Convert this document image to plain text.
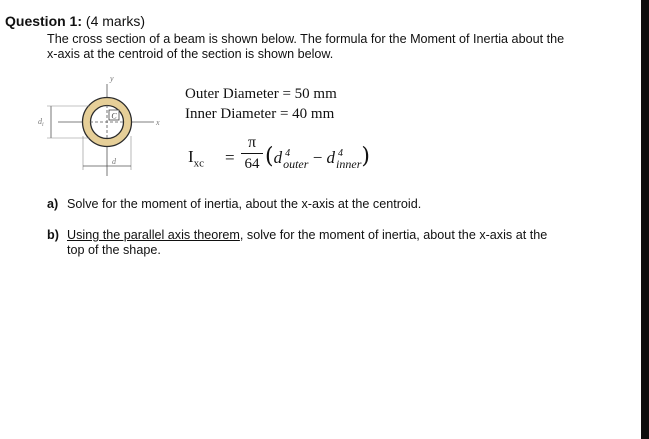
Question 1: (4 marks)
The cross section of a beam is shown below. The formula for the Moment of Inertia about the x-axis at the centroid of the section is shown below.
C
$d_i$
d
y
x
Outer Diameter = 50 mm
Inner Diameter = 40 mm
$I_{xc}$ =
π
64 (d 4
outer − d 4
inner )
a) Solve for the moment of inertia, about the x-axis at the centroid.
b) Using the parallel axis theorem, solve for the moment of inertia, about the x-axis at the top of the shape.
